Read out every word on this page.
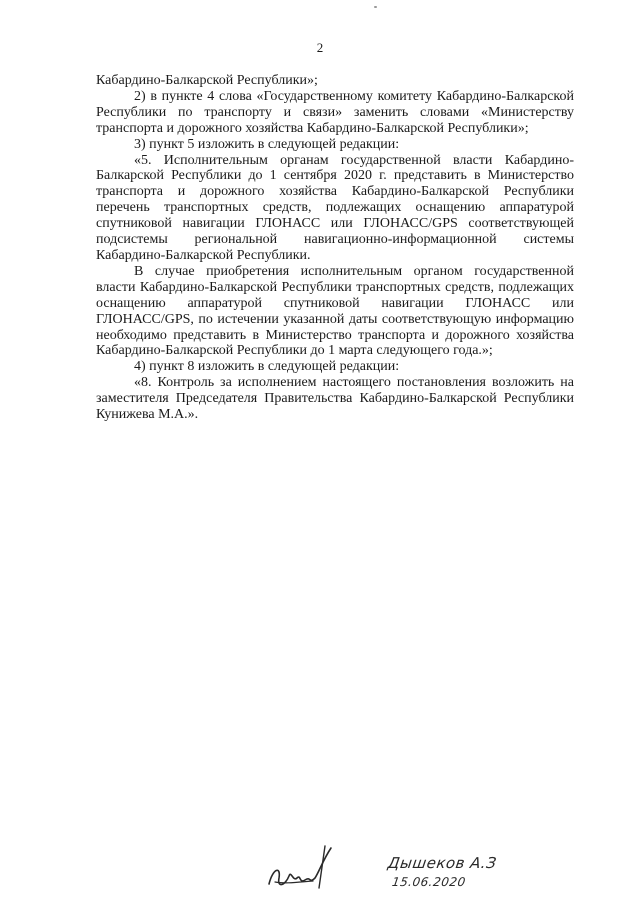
2

Кабардино-Балкарской Республики»;

2) в пункте 4 слова «Государственному комитету Кабардино-Балкарской Республики по транспорту и связи» заменить словами «Министерству транспорта и дорожного хозяйства Кабардино-Балкарской Республики»;

3) пункт 5 изложить в следующей редакции:

«5. Исполнительным органам государственной власти Кабардино-Балкарской Республики до 1 сентября 2020 г. представить в Министерство транспорта и дорожного хозяйства Кабардино-Балкарской Республики перечень транспортных средств, подлежащих оснащению аппаратурой спутниковой навигации ГЛОНАСС или ГЛОНАСС/GPS соответствующей подсистемы региональной навигационно-информационной системы Кабардино-Балкарской Республики.

В случае приобретения исполнительным органом государственной власти Кабардино-Балкарской Республики транспортных средств, подлежащих оснащению аппаратурой спутниковой навигации ГЛОНАСС или ГЛОНАСС/GPS, по истечении указанной даты соответствующую информацию необходимо представить в Министерство транспорта и дорожного хозяйства Кабардино-Балкарской Республики до 1 марта следующего года.»;

4) пункт 8 изложить в следующей редакции:

«8. Контроль за исполнением настоящего постановления возложить на заместителя Председателя Правительства Кабардино-Балкарской Республики Кунижева М.А.».

Дышеков А.З
15.06.2020
